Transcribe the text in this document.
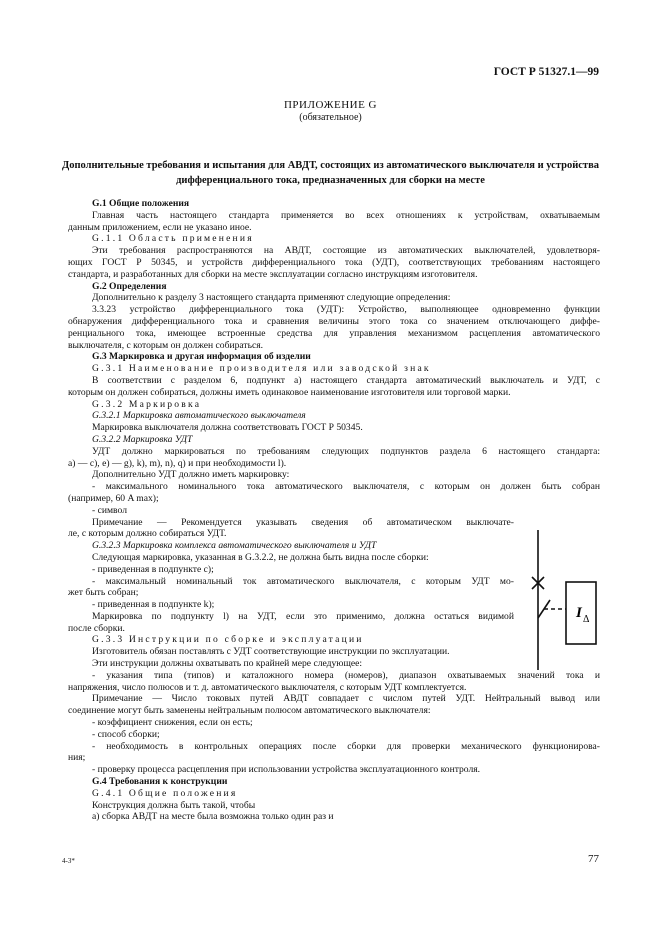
ГОСТ Р 51327.1—99
ПРИЛОЖЕНИЕ G
(обязательное)
Дополнительные требования и испытания для АВДТ, состоящих из автоматического выключателя и устройства дифференциального тока, предназначенных для сборки на месте
G.1 Общие положения
Главная часть настоящего стандарта применяется во всех отношениях к устройствам, охватываемым
данным приложением, если не указано иное.
G.1.1 Область применения
Эти требования распространяются на АВДТ, состоящие из автоматических выключателей, удовлетворя-
ющих ГОСТ Р 50345, и устройств дифференциального тока (УДТ), соответствующих требованиям настоящего
стандарта, и разработанных для сборки на месте эксплуатации согласно инструкциям изготовителя.
G.2 Определения
Дополнительно к разделу 3 настоящего стандарта применяют следующие определения:
3.3.23 устройство дифференциального тока (УДТ): Устройство, выполняющее одновременно функции
обнаружения дифференциального тока и сравнения величины этого тока со значением отключающего диффе-
ренциального тока, имеющее встроенные средства для управления механизмом расцепления автоматического
выключателя, с которым он должен собираться.
G.3 Маркировка и другая информация об изделии
G.3.1 Наименование производителя или заводской знак
В соответствии с разделом 6, подпункт а) настоящего стандарта автоматический выключатель и УДТ, с
которым он должен собираться, должны иметь одинаковое наименование изготовителя или торговой марки.
G.3.2 Маркировка
G.3.2.1 Маркировка автоматического выключателя
Маркировка выключателя должна соответствовать ГОСТ Р 50345.
G.3.2.2 Маркировка УДТ
УДТ должно маркироваться по требованиям следующих подпунктов раздела 6 настоящего стандарта:
а) — с), е) — g), k), m), n), q) и при необходимости l).
Дополнительно УДТ должно иметь маркировку:
- максимального номинального тока автоматического выключателя, с которым он должен быть собран
(например, 60 A max);
- символ
Примечание — Рекомендуется указывать сведения об автоматическом выключате-
ле, с которым должно собираться УДТ.
G.3.2.3 Маркировка комплекса автоматического выключателя и УДТ
Следующая маркировка, указанная в G.3.2.2, не должна быть видна после сборки:
- приведенная в подпункте с);
- максимальный номинальный ток автоматического выключателя, с которым УДТ мо-
жет быть собран;
- приведенная в подпункте k);
Маркировка по подпункту l) на УДТ, если это применимо, должна остаться видимой
после сборки.
G.3.3 Инструкции по сборке и эксплуатации
Изготовитель обязан поставлять с УДТ соответствующие инструкции по эксплуатации.
Эти инструкции должны охватывать по крайней мере следующее:
- указания типа (типов) и каталожного номера (номеров), диапазон охватываемых значений тока и
напряжения, число полюсов и т. д. автоматического выключателя, с которым УДТ комплектуется.
Примечание — Число токовых путей АВДТ совпадает с числом путей УДТ. Нейтральный вывод или
соединение могут быть заменены нейтральным полюсом автоматического выключателя:
- коэффициент снижения, если он есть;
- способ сборки;
- необходимость в контрольных операциях после сборки для проверки механического функционирова-
ния;
- проверку процесса расцепления при использовании устройства эксплуатационного контроля.
G.4 Требования к конструкции
G.4.1 Общие положения
Конструкция должна быть такой, чтобы
а) сборка АВДТ на месте была возможна только один раз и
I Δ
4-3*	77
